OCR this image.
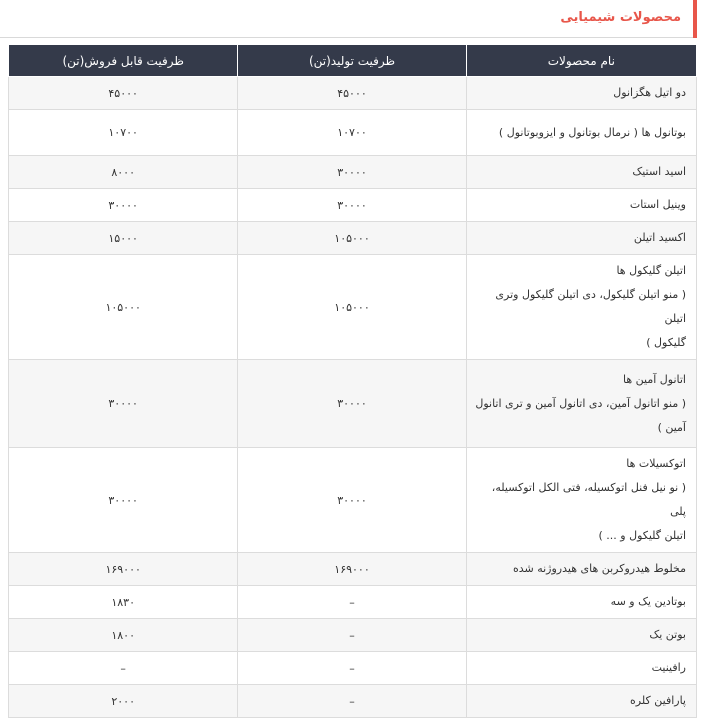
محصولات شیمیایی
نام محصولات	ظرفیت تولید(تن)	ظرفیت قابل فروش(تن)

دو اتیل هگزانول	۴۵۰۰۰	۴۵۰۰۰

بوتانول ها ( نرمال بوتانول و ایزوبوتانول )	۱۰۷۰۰	۱۰۷۰۰

اسید استیک	۳۰۰۰۰	۸۰۰۰

وینیل استات	۳۰۰۰۰	۳۰۰۰۰

اکسید اتیلن	۱۰۵۰۰۰	۱۵۰۰۰

اتیلن گلیکول ها
( منو اتیلن گلیکول، دی اتیلن گلیکول وتری اتیلن
گلیکول )	۱۰۵۰۰۰	۱۰۵۰۰۰

اتانول آمین ها
( منو اتانول آمین، دی اتانول آمین و تری اتانول
آمین )	۳۰۰۰۰	۳۰۰۰۰

اتوکسیلات ها
( نو نیل فنل اتوکسیله، فتی الکل اتوکسیله، پلی
اتیلن گلیکول و ... )	۳۰۰۰۰	۳۰۰۰۰

مخلوط هیدروکربن های هیدروژنه شده	۱۶۹۰۰۰	۱۶۹۰۰۰

بوتادین یک و سه	–	۱۸۳۰

بوتن یک	–	۱۸۰۰

رافینیت	–	–

پارافین کلره	–	۲۰۰۰
